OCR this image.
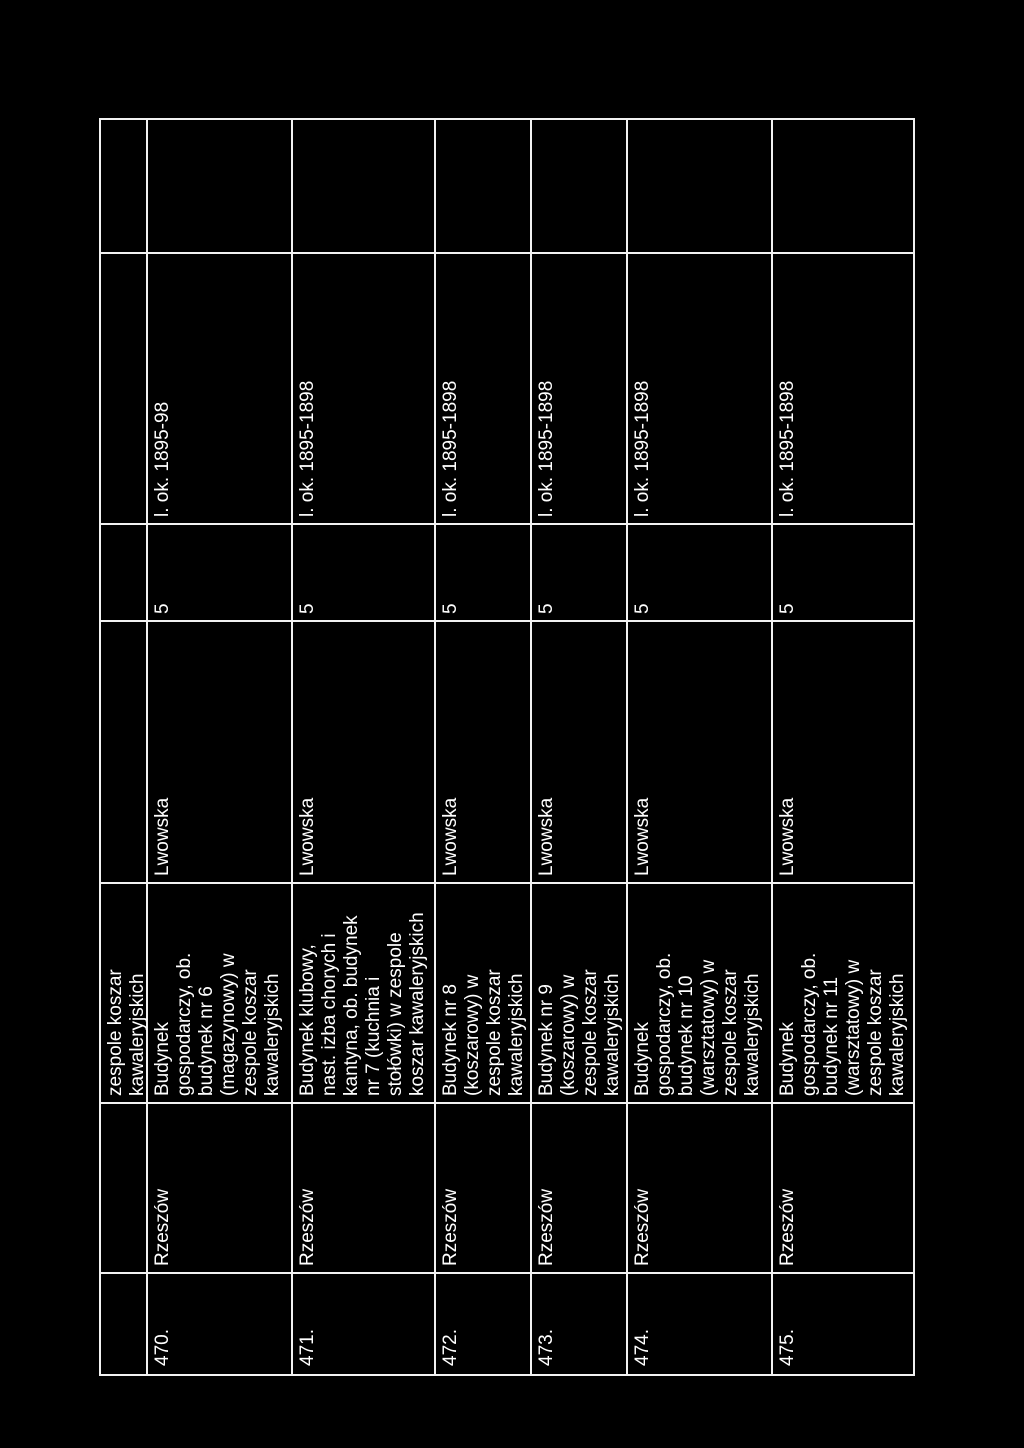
zespole koszar kawaleryjskich
470.
Rzeszów
Budynek gospodarczy, ob. budynek nr 6 (magazynowy) w zespole koszar kawaleryjskich
Lwowska
5
l. ok. 1895-98
471.
Rzeszów
Budynek klubowy, nast. izba chorych i kantyna, ob. budynek nr 7 (kuchnia i stołówki) w zespole koszar kawaleryjskich
Lwowska
5
l. ok. 1895-1898
472.
Rzeszów
Budynek nr 8 (koszarowy) w zespole koszar kawaleryjskich
Lwowska
5
l. ok. 1895-1898
473.
Rzeszów
Budynek nr 9 (koszarowy) w zespole koszar kawaleryjskich
Lwowska
5
l. ok. 1895-1898
474.
Rzeszów
Budynek gospodarczy, ob. budynek nr 10 (warsztatowy) w zespole koszar kawaleryjskich
Lwowska
5
l. ok. 1895-1898
475.
Rzeszów
Budynek gospodarczy, ob. budynek nr 11 (warsztatowy) w zespole koszar kawaleryjskich
Lwowska
5
l. ok. 1895-1898
